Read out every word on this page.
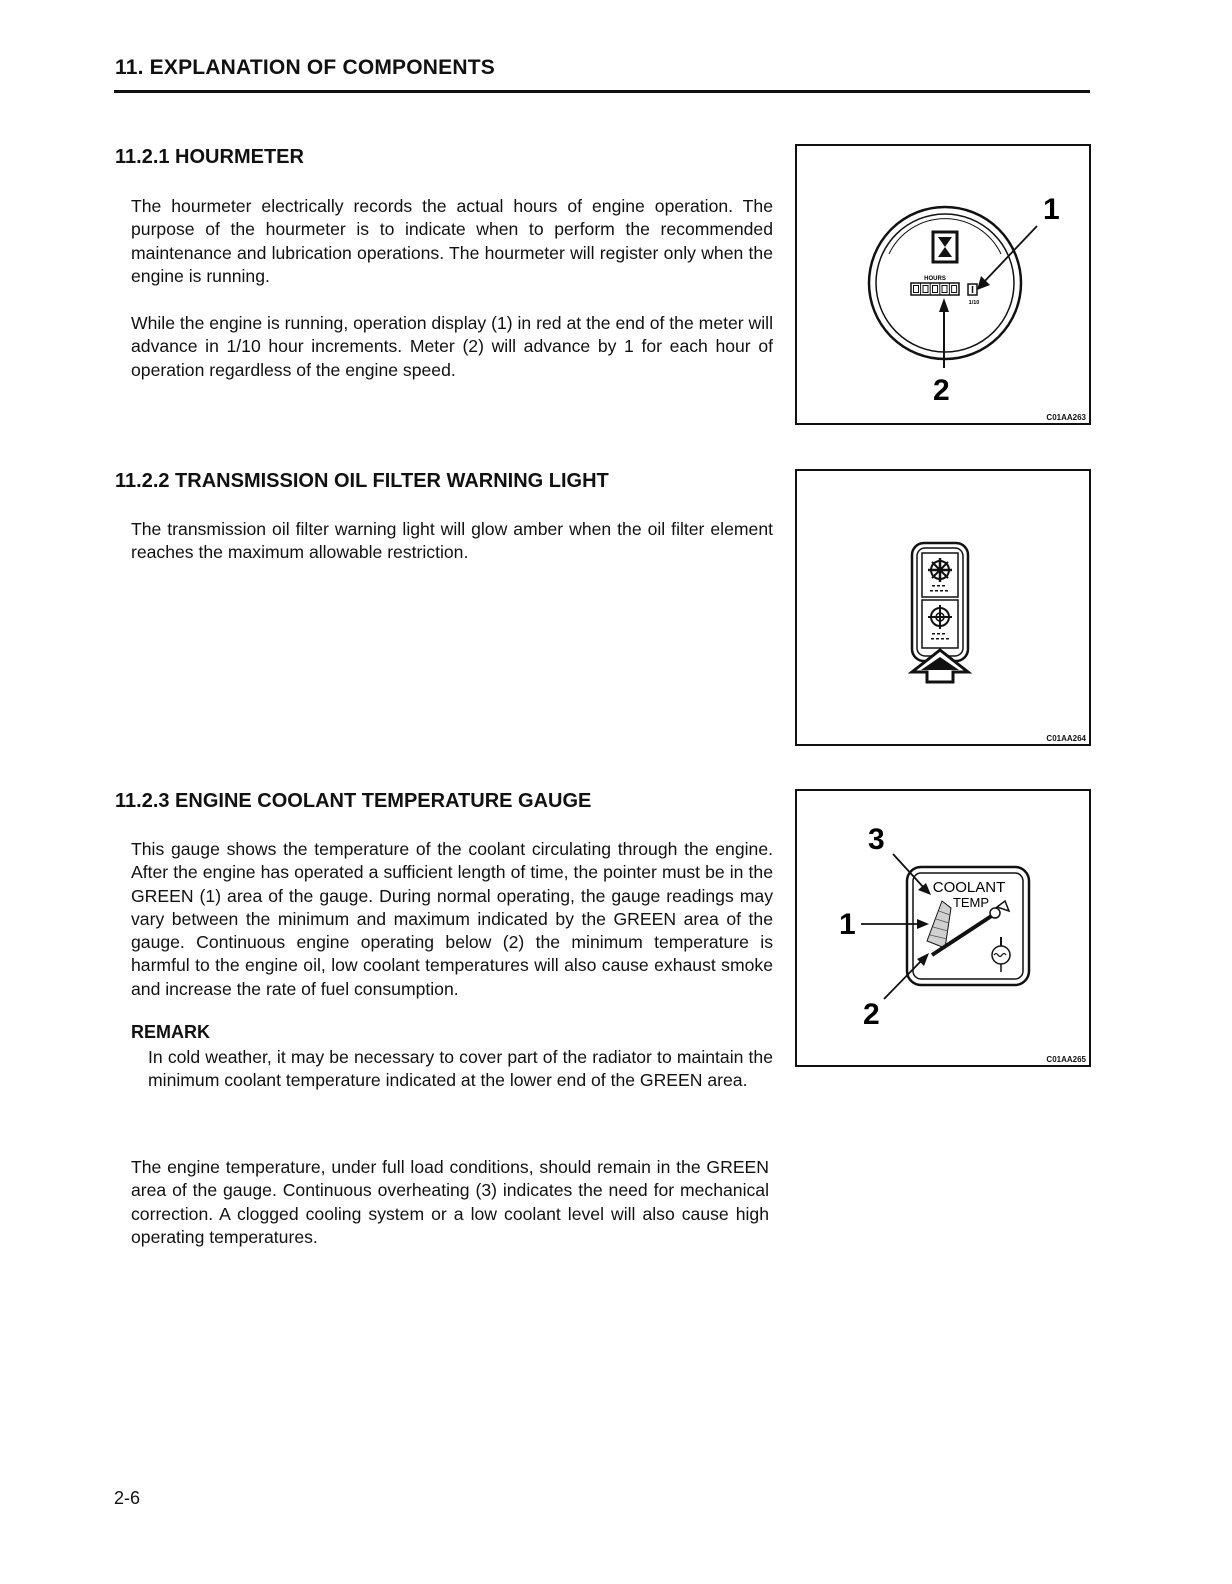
11. EXPLANATION OF COMPONENTS
11.2.1 HOURMETER
The hourmeter electrically records the actual hours of engine operation. The purpose of the hourmeter is to indicate when to perform the recommended maintenance and lubrication operations. The hourmeter will register only when the engine is running.
While the engine is running, operation display (1) in red at the end of the meter will advance in 1/10 hour increments. Meter (2) will advance by 1 for each hour of operation regardless of the engine speed.
HOURS
1/10
1
2
C01AA263
11.2.2 TRANSMISSION OIL FILTER WARNING LIGHT
The transmission oil filter warning light will glow amber when the oil filter element reaches the maximum allowable restriction.
C01AA264
11.2.3 ENGINE COOLANT TEMPERATURE GAUGE
This gauge shows the temperature of the coolant circulating through the engine. After the engine has operated a sufficient length of time, the pointer must be in the GREEN (1) area of the gauge. During normal operating, the gauge readings may vary between the minimum and maximum indicated by the GREEN area of the gauge. Continuous engine operating below (2) the minimum temperature is harmful to the engine oil, low coolant temperatures will also cause exhaust smoke and increase the rate of fuel consumption.
REMARK
In cold weather, it may be necessary to cover part of the radiator to maintain the minimum coolant temperature indicated at the lower end of the GREEN area.
The engine temperature, under full load conditions, should remain in the GREEN area of the gauge. Continuous overheating (3) indicates the need for mechanical correction. A clogged cooling system or a low coolant level will also cause high operating temperatures.
COOLANT
TEMP
3
1
2
C01AA265
2-6
